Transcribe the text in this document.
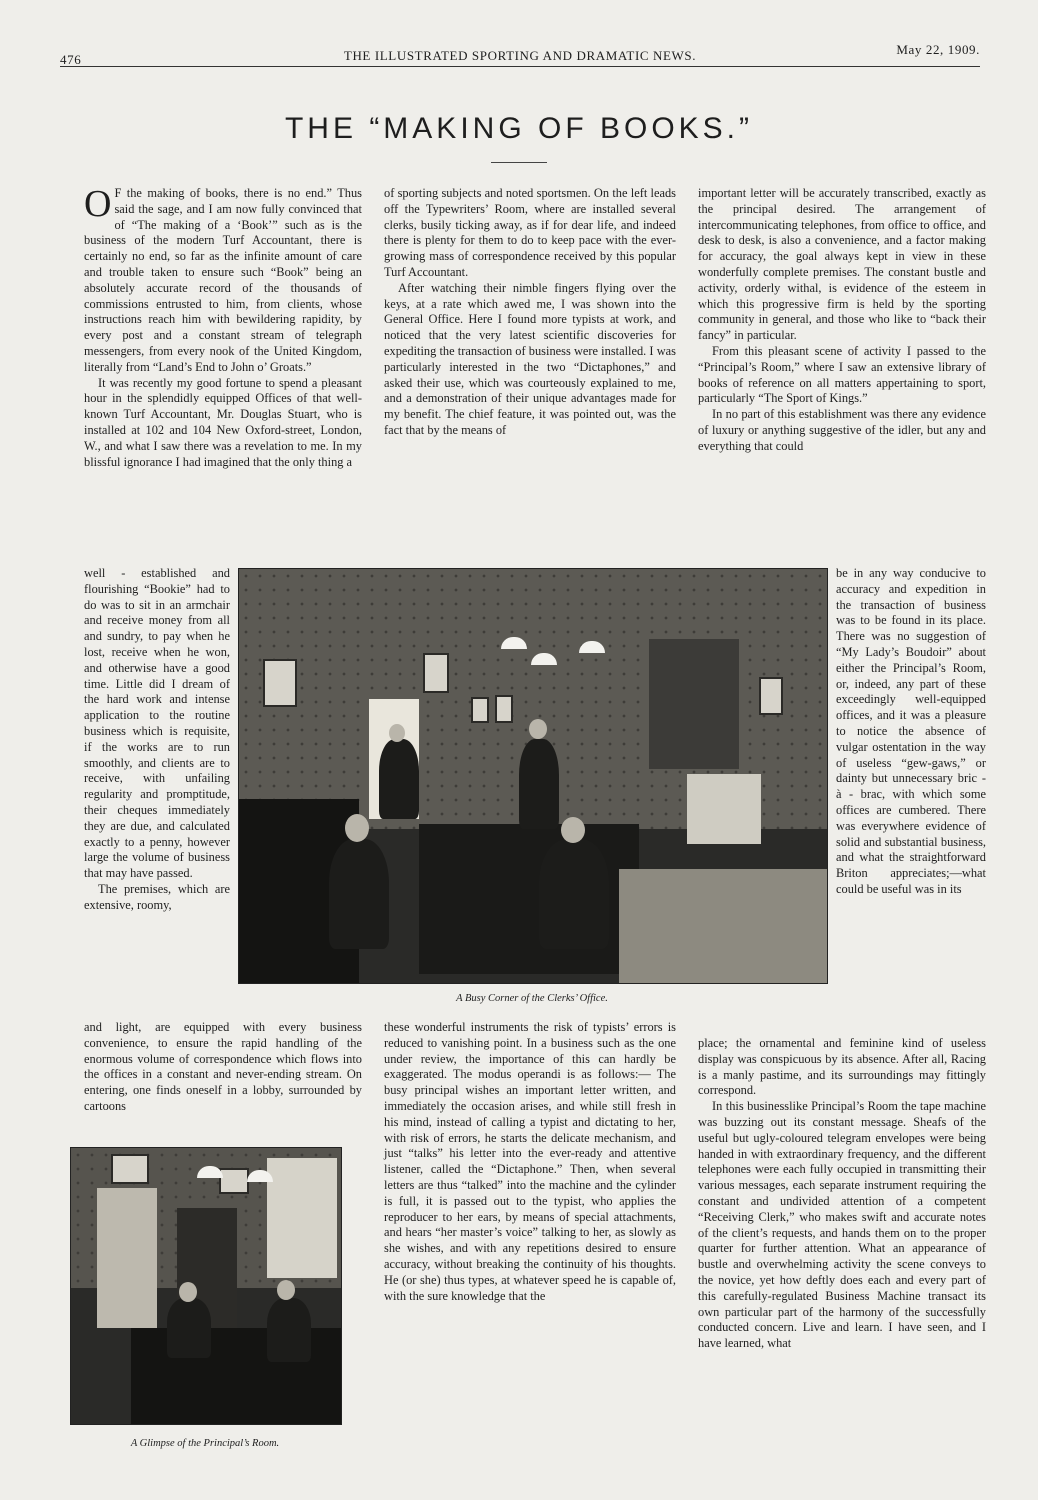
476	THE ILLUSTRATED SPORTING AND DRAMATIC NEWS.	May 22, 1909.
THE “MAKING OF BOOKS.”

O F the making of books, there is no end.” Thus said the sage, and I am now fully convinced that of “The making of a ‘Book’” such as is the business of the modern Turf Accountant, there is certainly no end, so far as the infinite amount of care and trouble taken to ensure such “Book” being an absolutely accurate record of the thousands of commissions entrusted to him, from clients, whose instructions reach him with bewildering rapidity, by every post and a constant stream of telegraph messengers, from every nook of the United Kingdom, literally from “Land’s End to John o’ Groats.”

It was recently my good fortune to spend a pleasant hour in the splendidly equipped Offices of that well-known Turf Accountant, Mr. Douglas Stuart, who is installed at 102 and 104 New Oxford-street, London, W., and what I saw there was a revelation to me. In my blissful ignorance I had imagined that the only thing a

well - established and flourishing “Bookie” had to do was to sit in an armchair and receive money from all and sundry, to pay when he lost, receive when he won, and otherwise have a good time. Little did I dream of the hard work and intense application to the routine business which is requisite, if the works are to run smoothly, and clients are to receive, with unfailing regularity and promptitude, their cheques immediately they are due, and calculated exactly to a penny, however large the volume of business that may have passed.

The premises, which are extensive, roomy,

and light, are equipped with every business convenience, to ensure the rapid handling of the enormous volume of correspondence which flows into the offices in a constant and never-ending stream. On entering, one finds oneself in a lobby, surrounded by cartoons

of sporting subjects and noted sportsmen. On the left leads off the Typewriters’ Room, where are installed several clerks, busily ticking away, as if for dear life, and indeed there is plenty for them to do to keep pace with the ever-growing mass of correspondence received by this popular Turf Accountant.

After watching their nimble fingers flying over the keys, at a rate which awed me, I was shown into the General Office. Here I found more typists at work, and noticed that the very latest scientific discoveries for expediting the transaction of business were installed. I was particularly interested in the two “Dictaphones,” and asked their use, which was courteously explained to me, and a demonstration of their unique advantages made for my benefit. The chief feature, it was pointed out, was the fact that by the means of

these wonderful instruments the risk of typists’ errors is reduced to vanishing point. In a business such as the one under review, the importance of this can hardly be exaggerated. The modus operandi is as follows:— The busy principal wishes an important letter written, and immediately the occasion arises, and while still fresh in his mind, instead of calling a typist and dictating to her, with risk of errors, he starts the delicate mechanism, and just “talks” his letter into the ever-ready and attentive listener, called the “Dictaphone.” Then, when several letters are thus “talked” into the machine and the cylinder is full, it is passed out to the typist, who applies the reproducer to her ears, by means of special attachments, and hears “her master’s voice” talking to her, as slowly as she wishes, and with any repetitions desired to ensure accuracy, without breaking the continuity of his thoughts. He (or she) thus types, at whatever speed he is capable of, with the sure knowledge that the

important letter will be accurately transcribed, exactly as the principal desired. The arrangement of intercommunicating telephones, from office to office, and desk to desk, is also a convenience, and a factor making for accuracy, the goal always kept in view in these wonderfully complete premises. The constant bustle and activity, orderly withal, is evidence of the esteem in which this progressive firm is held by the sporting community in general, and those who like to “back their fancy” in particular.

From this pleasant scene of activity I passed to the “Principal’s Room,” where I saw an extensive library of books of reference on all matters appertaining to sport, particularly “The Sport of Kings.”

In no part of this establishment was there any evidence of luxury or anything suggestive of the idler, but any and everything that could

be in any way conducive to accuracy and expedition in the transaction of business was to be found in its place. There was no suggestion of “My Lady’s Boudoir” about either the Principal’s Room, or, indeed, any part of these exceedingly well-equipped offices, and it was a pleasure to notice the absence of vulgar ostentation in the way of useless “gew-gaws,” or dainty but unnecessary bric - à - brac, with which some offices are cumbered. There was everywhere evidence of solid and substantial business, and what the straightforward Briton appreciates;—what could be useful was in its

place; the ornamental and feminine kind of useless display was conspicuous by its absence. After all, Racing is a manly pastime, and its surroundings may fittingly correspond.

In this businesslike Principal’s Room the tape machine was buzzing out its constant message. Sheafs of the useful but ugly-coloured telegram envelopes were being handed in with extraordinary frequency, and the different telephones were each fully occupied in transmitting their various messages, each separate instrument requiring the constant and undivided attention of a competent “Receiving Clerk,” who makes swift and accurate notes of the client’s requests, and hands them on to the proper quarter for further attention. What an appearance of bustle and overwhelming activity the scene conveys to the novice, yet how deftly does each and every part of this carefully-regulated Business Machine transact its own particular part of the harmony of the successfully conducted concern. Live and learn. I have seen, and I have learned, what

A Busy Corner of the Clerks’ Office.
A Glimpse of the Principal’s Room.
